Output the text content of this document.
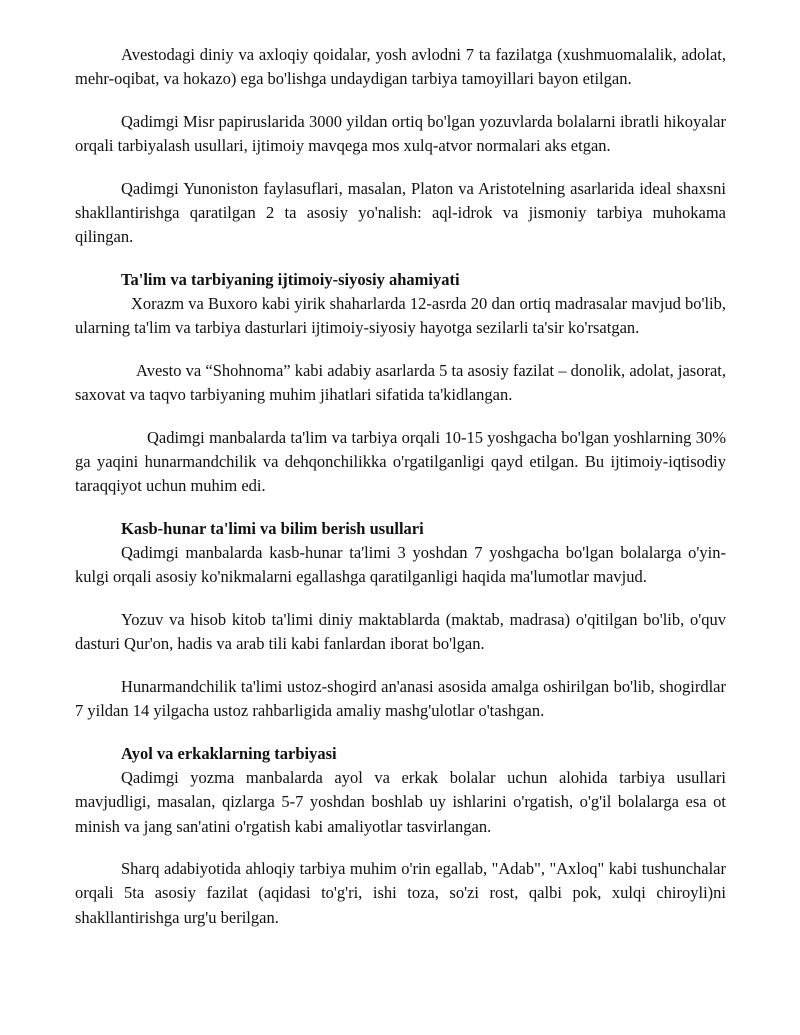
Avestodagi diniy va axloqiy qoidalar, yosh avlodni 7 ta fazilatga (xushmuomalalik, adolat, mehr-oqibat, va hokazo) ega bo'lishga undaydigan tarbiya tamoyillari bayon etilgan.

Qadimgi Misr papiruslarida 3000 yildan ortiq bo'lgan yozuvlarda bolalarni ibratli hikoyalar orqali tarbiyalash usullari, ijtimoiy mavqega mos xulq-atvor normalari aks etgan.

Qadimgi Yunoniston faylasuflari, masalan, Platon va Aristotelning asarlarida ideal shaxsni shakllantirishga qaratilgan 2 ta asosiy yo'nalish: aql-idrok va jismoniy tarbiya muhokama qilingan.

Ta'lim va tarbiyaning ijtimoiy-siyosiy ahamiyati

Xorazm va Buxoro kabi yirik shaharlarda 12-asrda 20 dan ortiq madrasalar mavjud bo'lib, ularning ta'lim va tarbiya dasturlari ijtimoiy-siyosiy hayotga sezilarli ta'sir ko'rsatgan.

Avesto va “Shohnoma” kabi adabiy asarlarda 5 ta asosiy fazilat – donolik, adolat, jasorat, saxovat va taqvo tarbiyaning muhim jihatlari sifatida ta'kidlangan.

Qadimgi manbalarda ta'lim va tarbiya orqali 10-15 yoshgacha bo'lgan yoshlarning 30% ga yaqini hunarmandchilik va dehqonchilikka o'rgatilganligi qayd etilgan. Bu ijtimoiy-iqtisodiy taraqqiyot uchun muhim edi.

Kasb-hunar ta'limi va bilim berish usullari

Qadimgi manbalarda kasb-hunar ta'limi 3 yoshdan 7 yoshgacha bo'lgan bolalarga o'yin-kulgi orqali asosiy ko'nikmalarni egallashga qaratilganligi haqida ma'lumotlar mavjud.

Yozuv va hisob kitob ta'limi diniy maktablarda (maktab, madrasa) o'qitilgan bo'lib, o'quv dasturi Qur'on, hadis va arab tili kabi fanlardan iborat bo'lgan.

Hunarmandchilik ta'limi ustoz-shogird an'anasi asosida amalga oshirilgan bo'lib, shogirdlar 7 yildan 14 yilgacha ustoz rahbarligida amaliy mashg'ulotlar o'tashgan.

Ayol va erkaklarning tarbiyasi

Qadimgi yozma manbalarda ayol va erkak bolalar uchun alohida tarbiya usullari mavjudligi, masalan, qizlarga 5-7 yoshdan boshlab uy ishlarini o'rgatish, o'g'il bolalarga esa ot minish va jang san'atini o'rgatish kabi amaliyotlar tasvirlangan.

Sharq adabiyotida ahloqiy tarbiya muhim o'rin egallab, "Adab", "Axloq" kabi tushunchalar orqali 5ta asosiy fazilat (aqidasi to'g'ri, ishi toza, so'zi rost, qalbi pok, xulqi chiroyli)ni shakllantirishga urg'u berilgan.
